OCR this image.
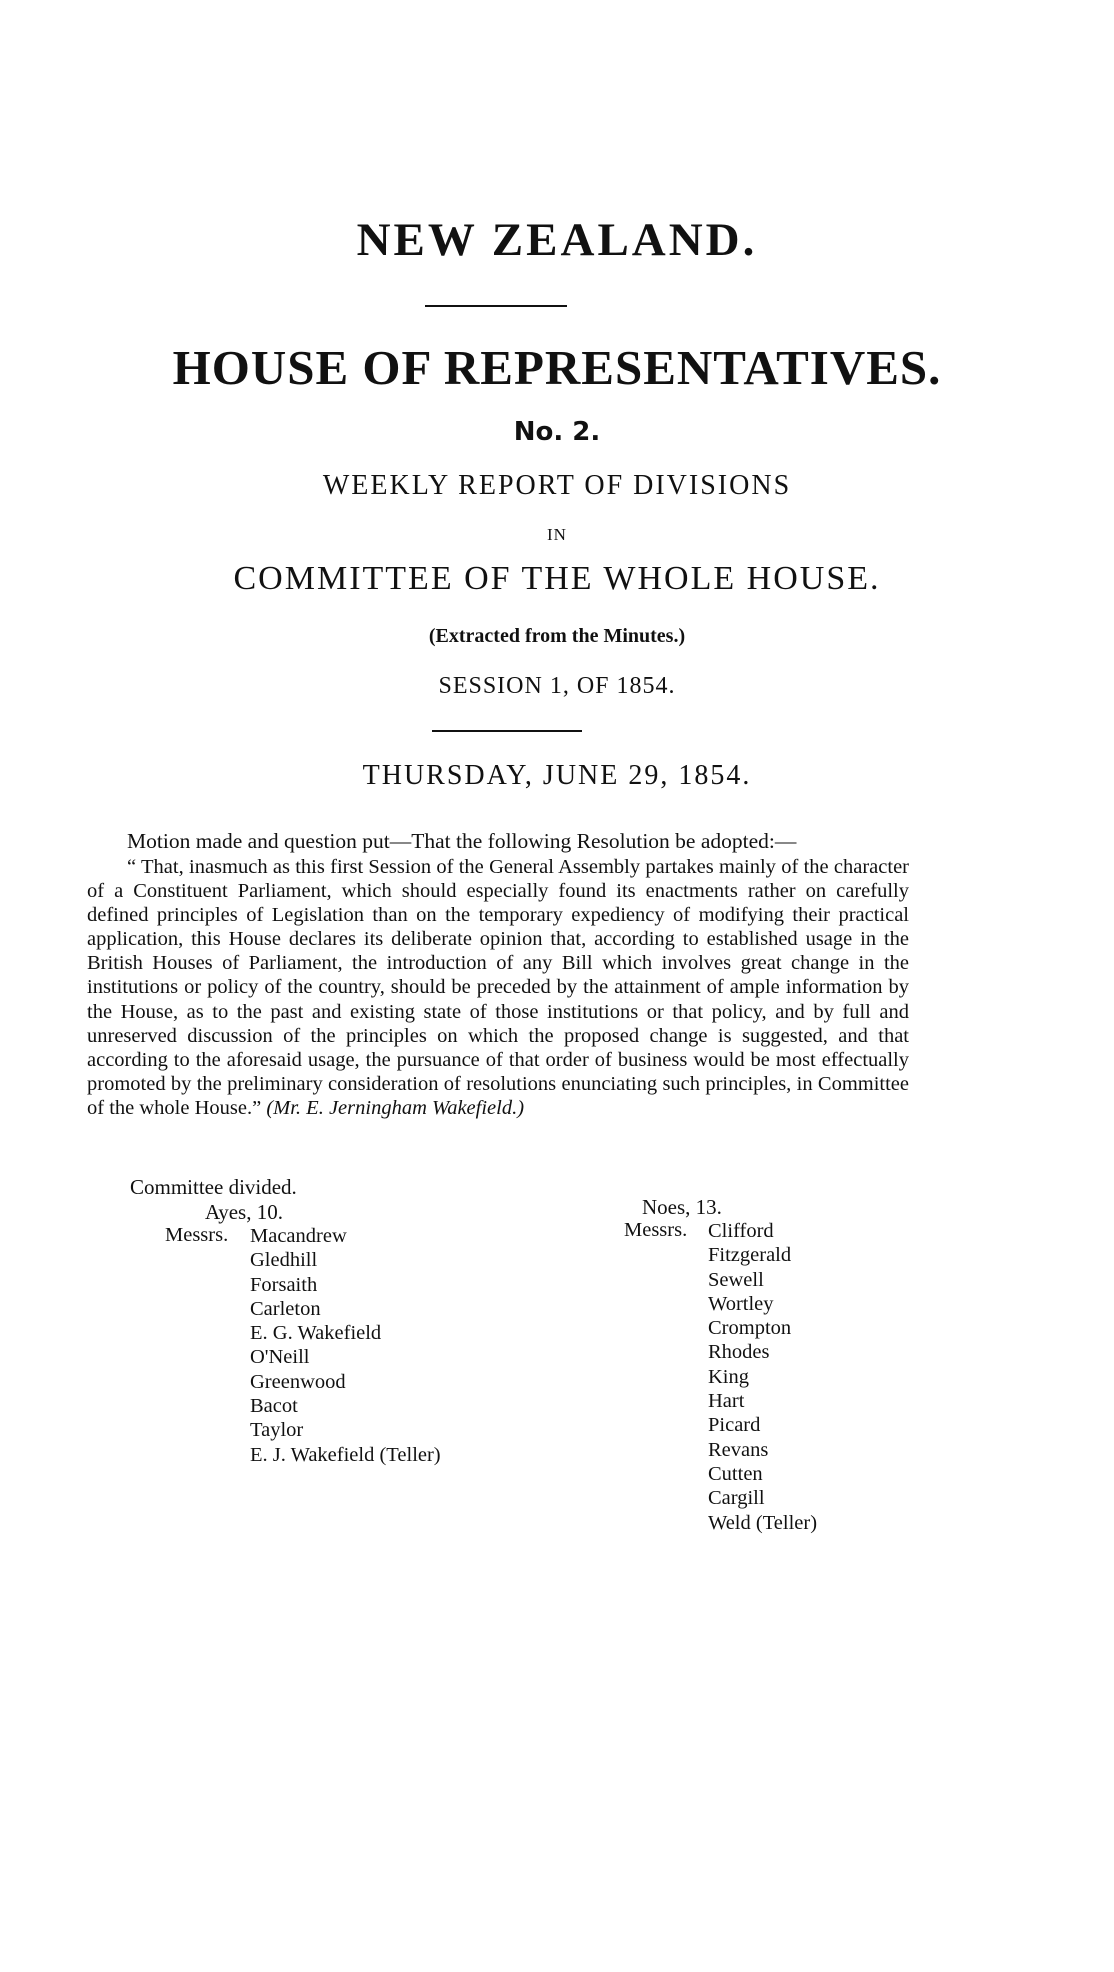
NEW ZEALAND.
HOUSE OF REPRESENTATIVES.
No. 2.
WEEKLY REPORT OF DIVISIONS
IN
COMMITTEE OF THE WHOLE HOUSE.
(Extracted from the Minutes.)
SESSION 1, OF 1854.
THURSDAY, JUNE 29, 1854.
Motion made and question put—That the following Resolution be adopted:—
“ That, inasmuch as this first Session of the General Assembly partakes mainly of the character of a Constituent Parliament, which should especially found its enactments rather on carefully defined principles of Legislation than on the temporary expediency of modifying their practical application, this House declares its deliberate opinion that, according to established usage in the British Houses of Parliament, the introduction of any Bill which involves great change in the institutions or policy of the country, should be preceded by the attainment of ample information by the House, as to the past and existing state of those institutions or that policy, and by full and unreserved discussion of the principles on which the proposed change is suggested, and that according to the aforesaid usage, the pursuance of that order of business would be most effectually promoted by the preliminary consideration of resolutions enunciating such principles, in Committee of the whole House.” (Mr. E. Jerningham Wakefield.)
Committee divided.
Ayes, 10.
Messrs. Macandrew
Gledhill
Forsaith
Carleton
E. G. Wakefield
O'Neill
Greenwood
Bacot
Taylor
E. J. Wakefield (Teller)
Noes, 13.
Messrs. Clifford
Fitzgerald
Sewell
Wortley
Crompton
Rhodes
King
Hart
Picard
Revans
Cutten
Cargill
Weld (Teller)
